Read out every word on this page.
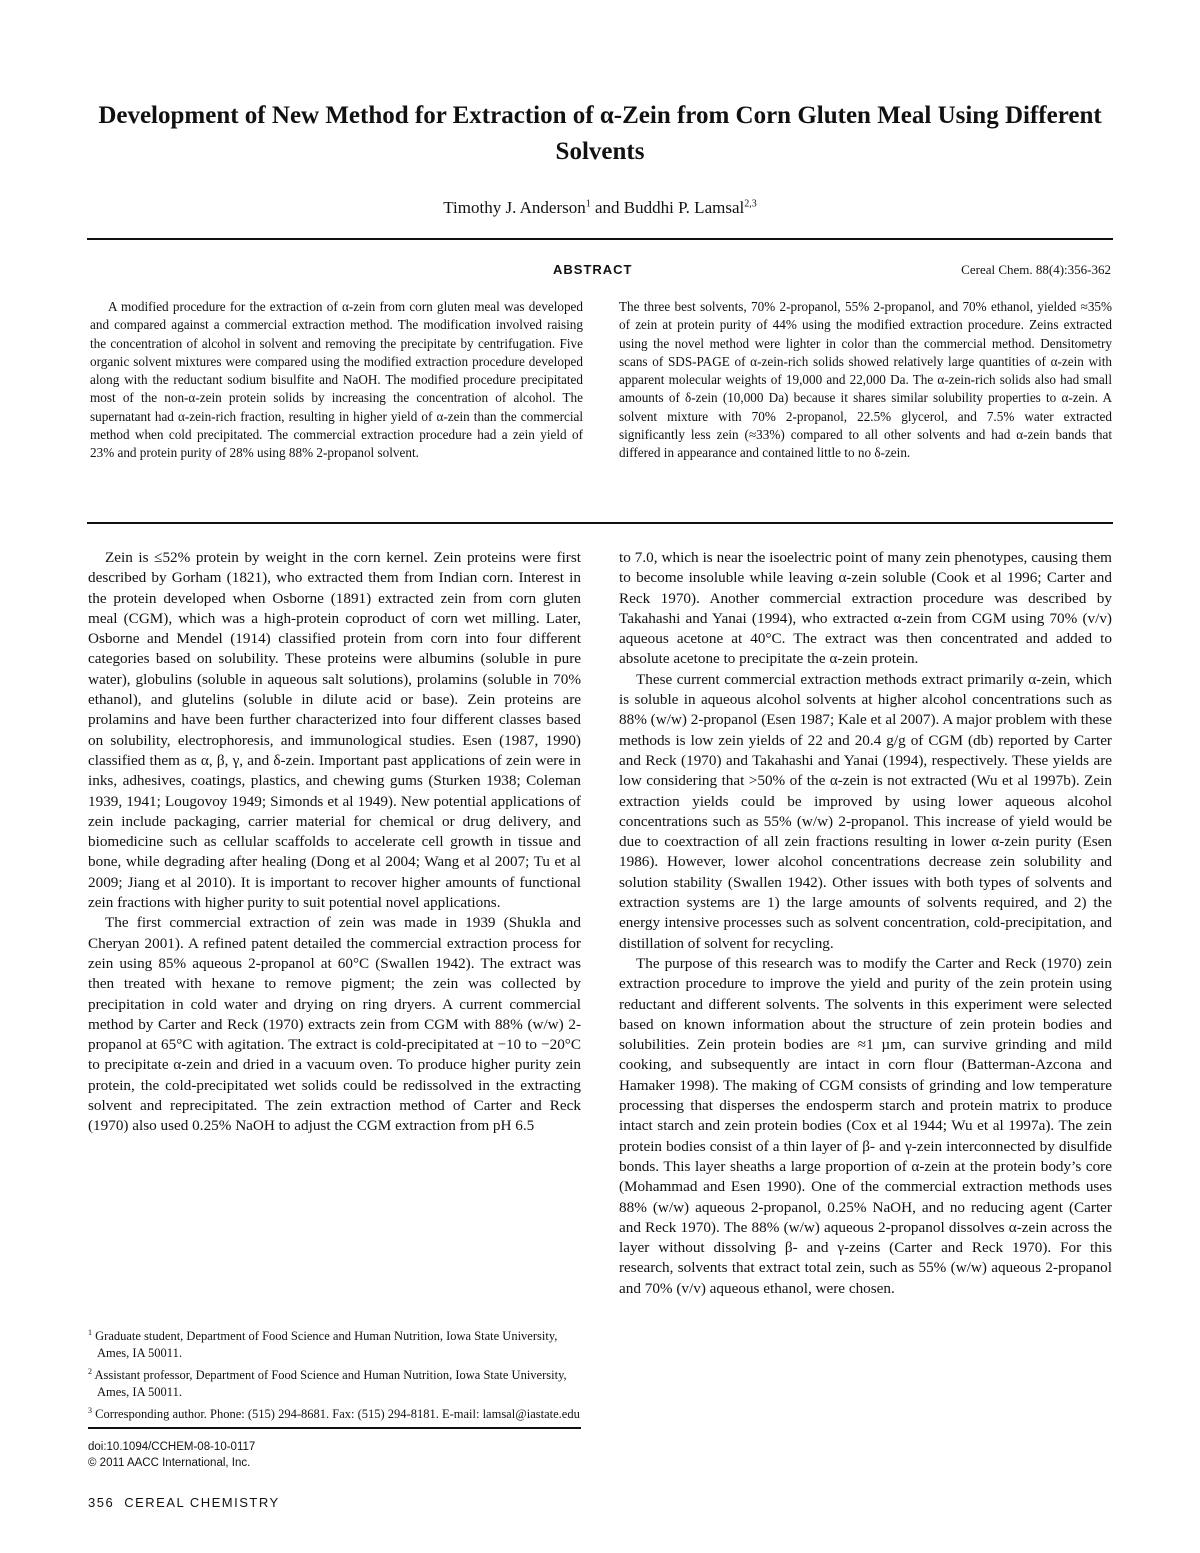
Development of New Method for Extraction of α-Zein from Corn Gluten Meal Using Different Solvents
Timothy J. Anderson$^1$ and Buddhi P. Lamsal$^{2,3}$
ABSTRACT	Cereal Chem. 88(4):356-362
A modified procedure for the extraction of α-zein from corn gluten meal was developed and compared against a commercial extraction method. The modification involved raising the concentration of alcohol in solvent and removing the precipitate by centrifugation. Five organic solvent mixtures were compared using the modified extraction procedure developed along with the reductant sodium bisulfite and NaOH. The modified procedure precipitated most of the non-α-zein protein solids by increasing the concentration of alcohol. The supernatant had α-zein-rich fraction, resulting in higher yield of α-zein than the commercial method when cold precipitated. The commercial extraction procedure had a zein yield of 23% and protein purity of 28% using 88% 2-propanol solvent.
The three best solvents, 70% 2-propanol, 55% 2-propanol, and 70% ethanol, yielded ≈35% of zein at protein purity of 44% using the modified extraction procedure. Zeins extracted using the novel method were lighter in color than the commercial method. Densitometry scans of SDS-PAGE of α-zein-rich solids showed relatively large quantities of α-zein with apparent molecular weights of 19,000 and 22,000 Da. The α-zein-rich solids also had small amounts of δ-zein (10,000 Da) because it shares similar solubility properties to α-zein. A solvent mixture with 70% 2-propanol, 22.5% glycerol, and 7.5% water extracted significantly less zein (≈33%) compared to all other solvents and had α-zein bands that differed in appearance and contained little to no δ-zein.

Zein is ≤52% protein by weight in the corn kernel. Zein proteins were first described by Gorham (1821), who extracted them from Indian corn. Interest in the protein developed when Osborne (1891) extracted zein from corn gluten meal (CGM), which was a high-protein coproduct of corn wet milling. Later, Osborne and Mendel (1914) classified protein from corn into four different categories based on solubility. These proteins were albumins (soluble in pure water), globulins (soluble in aqueous salt solutions), prolamins (soluble in 70% ethanol), and glutelins (soluble in dilute acid or base). Zein proteins are prolamins and have been further characterized into four different classes based on solubility, electrophoresis, and immunological studies. Esen (1987, 1990) classified them as α, β, γ, and δ-zein. Important past applications of zein were in inks, adhesives, coatings, plastics, and chewing gums (Sturken 1938; Coleman 1939, 1941; Lougovoy 1949; Simonds et al 1949). New potential applications of zein include packaging, carrier material for chemical or drug delivery, and biomedicine such as cellular scaffolds to accelerate cell growth in tissue and bone, while degrading after healing (Dong et al 2004; Wang et al 2007; Tu et al 2009; Jiang et al 2010). It is important to recover higher amounts of functional zein fractions with higher purity to suit potential novel applications.

The first commercial extraction of zein was made in 1939 (Shukla and Cheryan 2001). A refined patent detailed the commercial extraction process for zein using 85% aqueous 2-propanol at 60°C (Swallen 1942). The extract was then treated with hexane to remove pigment; the zein was collected by precipitation in cold water and drying on ring dryers. A current commercial method by Carter and Reck (1970) extracts zein from CGM with 88% (w/w) 2-propanol at 65°C with agitation. The extract is cold-precipitated at −10 to −20°C to precipitate α-zein and dried in a vacuum oven. To produce higher purity zein protein, the cold-precipitated wet solids could be redissolved in the extracting solvent and reprecipitated. The zein extraction method of Carter and Reck (1970) also used 0.25% NaOH to adjust the CGM extraction from pH 6.5

to 7.0, which is near the isoelectric point of many zein phenotypes, causing them to become insoluble while leaving α-zein soluble (Cook et al 1996; Carter and Reck 1970). Another commercial extraction procedure was described by Takahashi and Yanai (1994), who extracted α-zein from CGM using 70% (v/v) aqueous acetone at 40°C. The extract was then concentrated and added to absolute acetone to precipitate the α-zein protein.

These current commercial extraction methods extract primarily α-zein, which is soluble in aqueous alcohol solvents at higher alcohol concentrations such as 88% (w/w) 2-propanol (Esen 1987; Kale et al 2007). A major problem with these methods is low zein yields of 22 and 20.4 g/g of CGM (db) reported by Carter and Reck (1970) and Takahashi and Yanai (1994), respectively. These yields are low considering that >50% of the α-zein is not extracted (Wu et al 1997b). Zein extraction yields could be improved by using lower aqueous alcohol concentrations such as 55% (w/w) 2-propanol. This increase of yield would be due to coextraction of all zein fractions resulting in lower α-zein purity (Esen 1986). However, lower alcohol concentrations decrease zein solubility and solution stability (Swallen 1942). Other issues with both types of solvents and extraction systems are 1) the large amounts of solvents required, and 2) the energy intensive processes such as solvent concentration, cold-precipitation, and distillation of solvent for recycling.

The purpose of this research was to modify the Carter and Reck (1970) zein extraction procedure to improve the yield and purity of the zein protein using reductant and different solvents. The solvents in this experiment were selected based on known information about the structure of zein protein bodies and solubilities. Zein protein bodies are ≈1 µm, can survive grinding and mild cooking, and subsequently are intact in corn flour (Batterman-Azcona and Hamaker 1998). The making of CGM consists of grinding and low temperature processing that disperses the endosperm starch and protein matrix to produce intact starch and zein protein bodies (Cox et al 1944; Wu et al 1997a). The zein protein bodies consist of a thin layer of β- and γ-zein interconnected by disulfide bonds. This layer sheaths a large proportion of α-zein at the protein body’s core (Mohammad and Esen 1990). One of the commercial extraction methods uses 88% (w/w) aqueous 2-propanol, 0.25% NaOH, and no reducing agent (Carter and Reck 1970). The 88% (w/w) aqueous 2-propanol dissolves α-zein across the layer without dissolving β- and γ-zeins (Carter and Reck 1970). For this research, solvents that extract total zein, such as 55% (w/w) aqueous 2-propanol and 70% (v/v) aqueous ethanol, were chosen.

$^1$ Graduate student, Department of Food Science and Human Nutrition, Iowa State University, Ames, IA 50011.
$^2$ Assistant professor, Department of Food Science and Human Nutrition, Iowa State University, Ames, IA 50011.
$^3$ Corresponding author. Phone: (515) 294-8681. Fax: (515) 294-8181. E-mail: lamsal@iastate.edu
doi:10.1094/CCHEM-08-10-0117
© 2011 AACC International, Inc.
356 CEREAL CHEMISTRY
